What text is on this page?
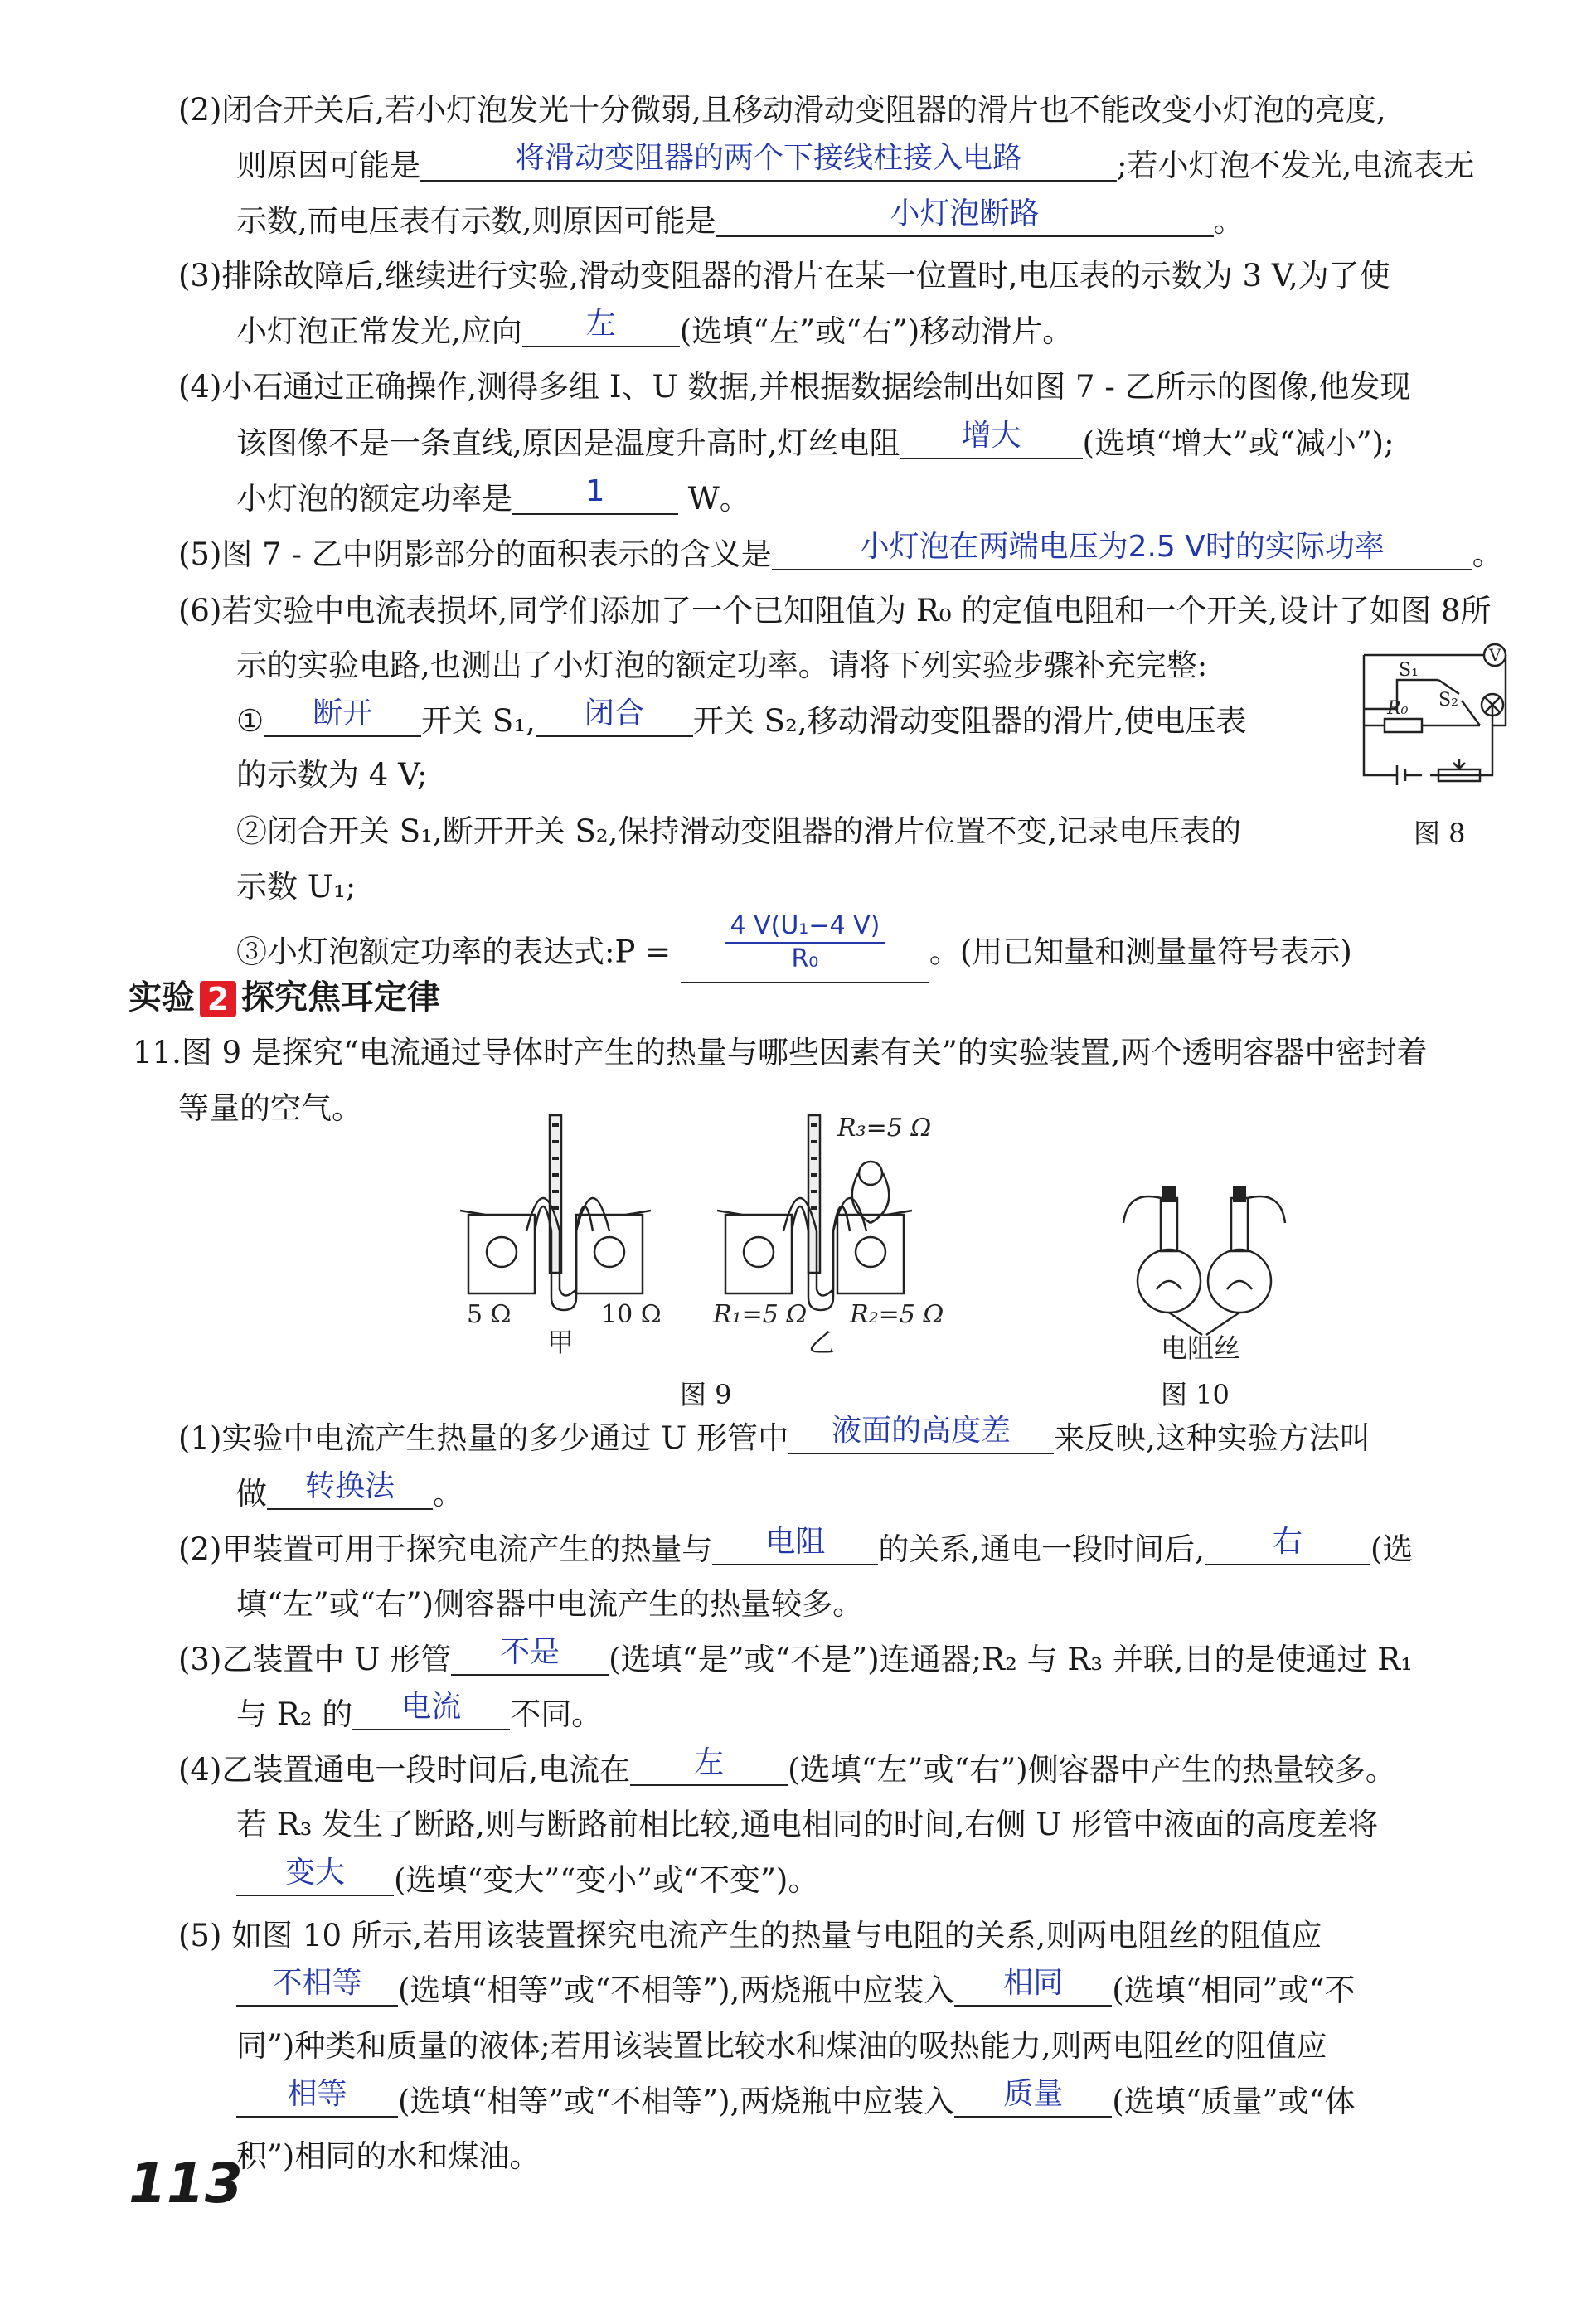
(2)闭合开关后,若小灯泡发光十分微弱,且移动滑动变阻器的滑片也不能改变小灯泡的亮度,
则原因可能是	将滑动变阻器的两个下接线柱接入电路	;若小灯泡不发光,电流表无
示数,而电压表有示数,则原因可能是	小灯泡断路	。
(3)排除故障后,继续进行实验,滑动变阻器的滑片在某一位置时,电压表的示数为 3 V,为了使
小灯泡正常发光,应向 左 (选填“左”或“右”)移动滑片。
(4)小石通过正确操作,测得多组 I、U 数据,并根据数据绘制出如图 7 - 乙所示的图像,他发现
该图像不是一条直线,原因是温度升高时,灯丝电阻 增大 (选填“增大”或“减小”);
小灯泡的额定功率是 1	W。
(5)图 7 - 乙中阴影部分的面积表示的含义是	小灯泡在两端电压为2.5 V时的实际功率	。
(6)若实验中电流表损坏,同学们添加了一个已知阻值为 R₀ 的定值电阻和一个开关,设计了如图 8所
示的实验电路,也测出了小灯泡的额定功率。请将下列实验步骤补充完整:
① 断开 开关 S₁, 闭合 开关 S₂,移动滑动变阻器的滑片,使电压表
的示数为 4 V;
②闭合开关 S₁,断开开关 S₂,保持滑动变阻器的滑片位置不变,记录电压表的
示数 U₁;
③小灯泡额定功率的表达式:P = $\frac{\text{4 V(U₁−4 V)}}{\text{R₀}}$ 。(用已知量和测量量符号表示)
V
S₁
S₂
R₀
图 8
实验 2 探究焦耳定律
11.图 9 是探究“电流通过导体时产生的热量与哪些因素有关”的实验装置,两个透明容器中密封着
等量的空气。
5 Ω	10 Ω
甲
R₁=5 Ω R₂=5 Ω
R₃=5 Ω
乙
图 9
电阻丝
图 10
(1)实验中电流产生热量的多少通过 U 形管中 液面的高度差 来反映,这种实验方法叫
做 转换法 。
(2)甲装置可用于探究电流产生的热量与 电阻 的关系,通电一段时间后, 右 (选
填“左”或“右”)侧容器中电流产生的热量较多。
(3)乙装置中 U 形管 不是 (选填“是”或“不是”)连通器;R₂ 与 R₃ 并联,目的是使通过 R₁
与 R₂ 的 电流 不同。
(4)乙装置通电一段时间后,电流在 左 (选填“左”或“右”)侧容器中产生的热量较多。
若 R₃ 发生了断路,则与断路前相比较,通电相同的时间,右侧 U 形管中液面的高度差将
变大 (选填“变大”“变小”或“不变”)。
(5) 如图 10 所示,若用该装置探究电流产生的热量与电阻的关系,则两电阻丝的阻值应
不相等 (选填“相等”或“不相等”),两烧瓶中应装入 相同 (选填“相同”或“不
同”)种类和质量的液体;若用该装置比较水和煤油的吸热能力,则两电阻丝的阻值应
相等 (选填“相等”或“不相等”),两烧瓶中应装入 质量 (选填“质量”或“体
积”)相同的水和煤油。
113
